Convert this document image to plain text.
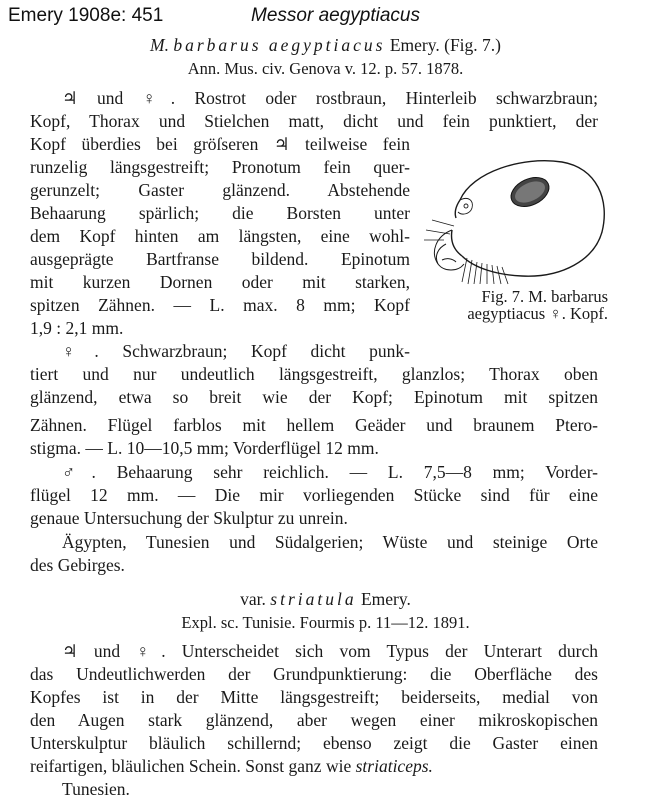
Emery 1908e: 451	Messor aegyptiacus
M. barbarus aegyptiacus Emery. (Fig. 7.)
Ann. Mus. civ. Genova v. 12. p. 57. 1878.
♃ und ♀. Rostrot oder rostbraun, Hinterleib schwarzbraun;
Kopf, Thorax und Stielchen matt, dicht und fein punktiert, der
Kopf überdies bei gröſseren ♃ teilweise fein
runzelig längsgestreift; Pronotum fein quer-
gerunzelt; Gaster glänzend. Abstehende
Behaarung spärlich; die Borsten unter
dem Kopf hinten am längsten, eine wohl-
ausgeprägte Bartfranse bildend. Epinotum
mit kurzen Dornen oder mit starken,
spitzen Zähnen. — L. max. 8 mm; Kopf
1,9 : 2,1 mm.
♀. Schwarzbraun; Kopf dicht punk-
tiert und nur undeutlich längsgestreift, glanzlos; Thorax oben
glänzend, etwa so breit wie der Kopf; Epinotum mit spitzen
Zähnen. Flügel farblos mit hellem Geäder und braunem Ptero-
stigma. — L. 10—10,5 mm; Vorderflügel 12 mm.
♂. Behaarung sehr reichlich. — L. 7,5—8 mm; Vorder-
flügel 12 mm. — Die mir vorliegenden Stücke sind für eine
genaue Untersuchung der Skulptur zu unrein.
Ägypten, Tunesien und Südalgerien; Wüste und steinige Orte
des Gebirges.
var. striatula Emery.
Expl. sc. Tunisie. Fourmis p. 11—12. 1891.
♃ und ♀. Unterscheidet sich vom Typus der Unterart durch
das Undeutlichwerden der Grundpunktierung: die Oberfläche des
Kopfes ist in der Mitte längsgestreift; beiderseits, medial von
den Augen stark glänzend, aber wegen einer mikroskopischen
Unterskulptur bläulich schillernd; ebenso zeigt die Gaster einen
reifartigen, bläulichen Schein. Sonst ganz wie striaticeps.
Tunesien.
Fig. 7. M. barbarus
aegyptiacus ♀. Kopf.
